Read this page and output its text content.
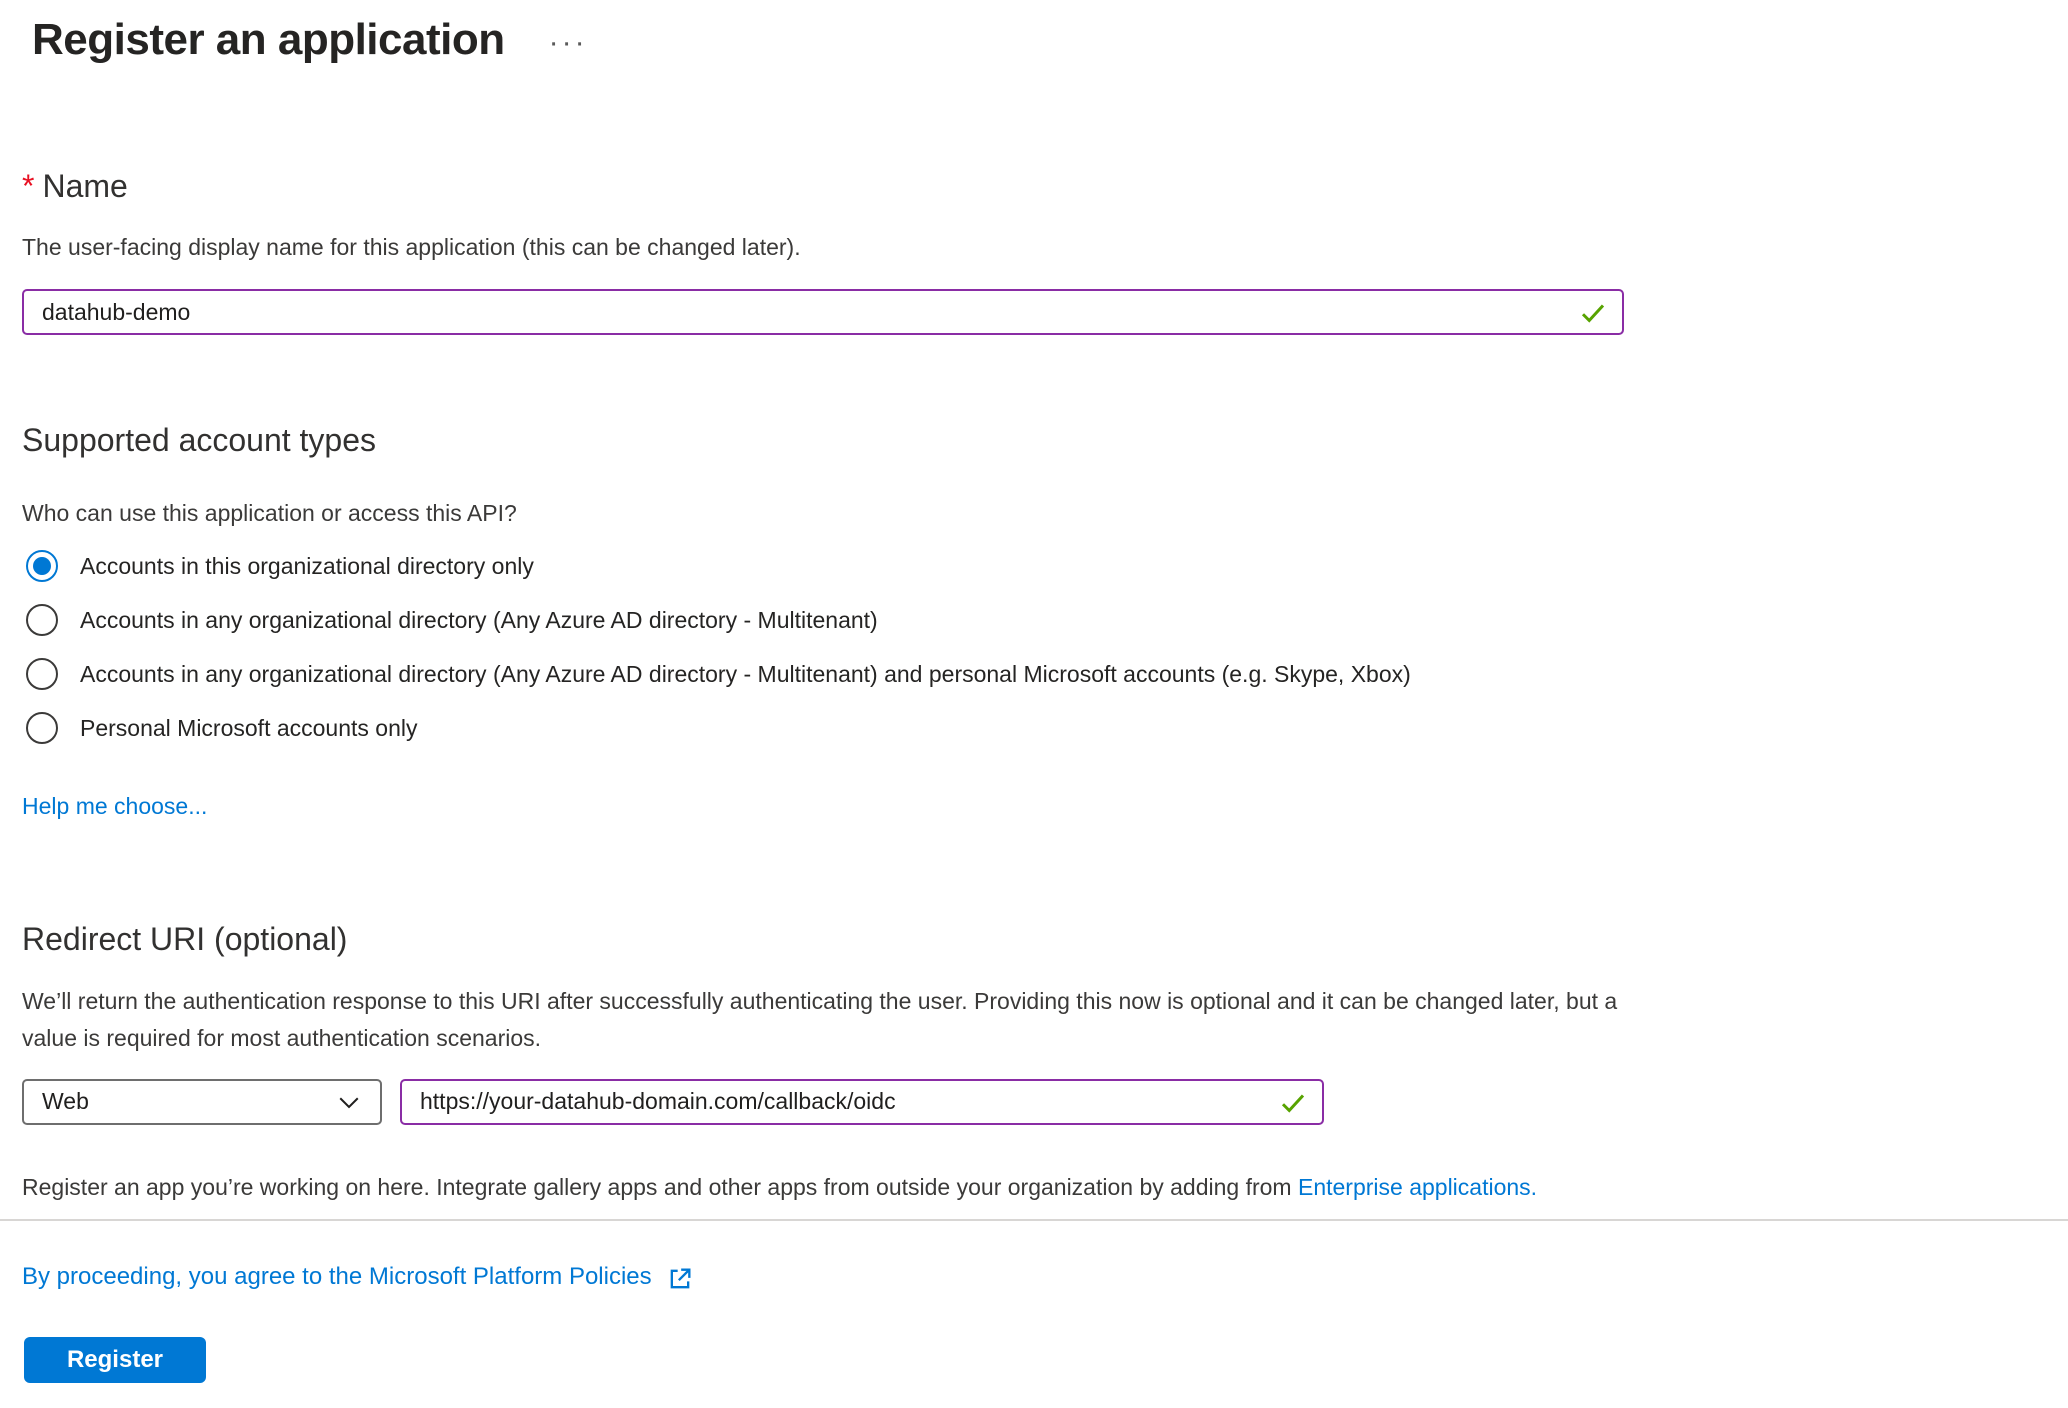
Register an application ···
* Name

The user-facing display name for this application (this can be changed later).

datahub-demo
Supported account types

Who can use this application or access this API?

Accounts in this organizational directory only
Accounts in any organizational directory (Any Azure AD directory - Multitenant)
Accounts in any organizational directory (Any Azure AD directory - Multitenant) and personal Microsoft accounts (e.g. Skype, Xbox)
Personal Microsoft accounts only
Help me choose...
Redirect URI (optional)

We’ll return the authentication response to this URI after successfully authenticating the user. Providing this now is optional and it can be changed later, but a value is required for most authentication scenarios.

Web
https://your-datahub-domain.com/callback/oidc

Register an app you’re working on here. Integrate gallery apps and other apps from outside your organization by adding from Enterprise applications.

By proceeding, you agree to the Microsoft Platform Policies
Register
